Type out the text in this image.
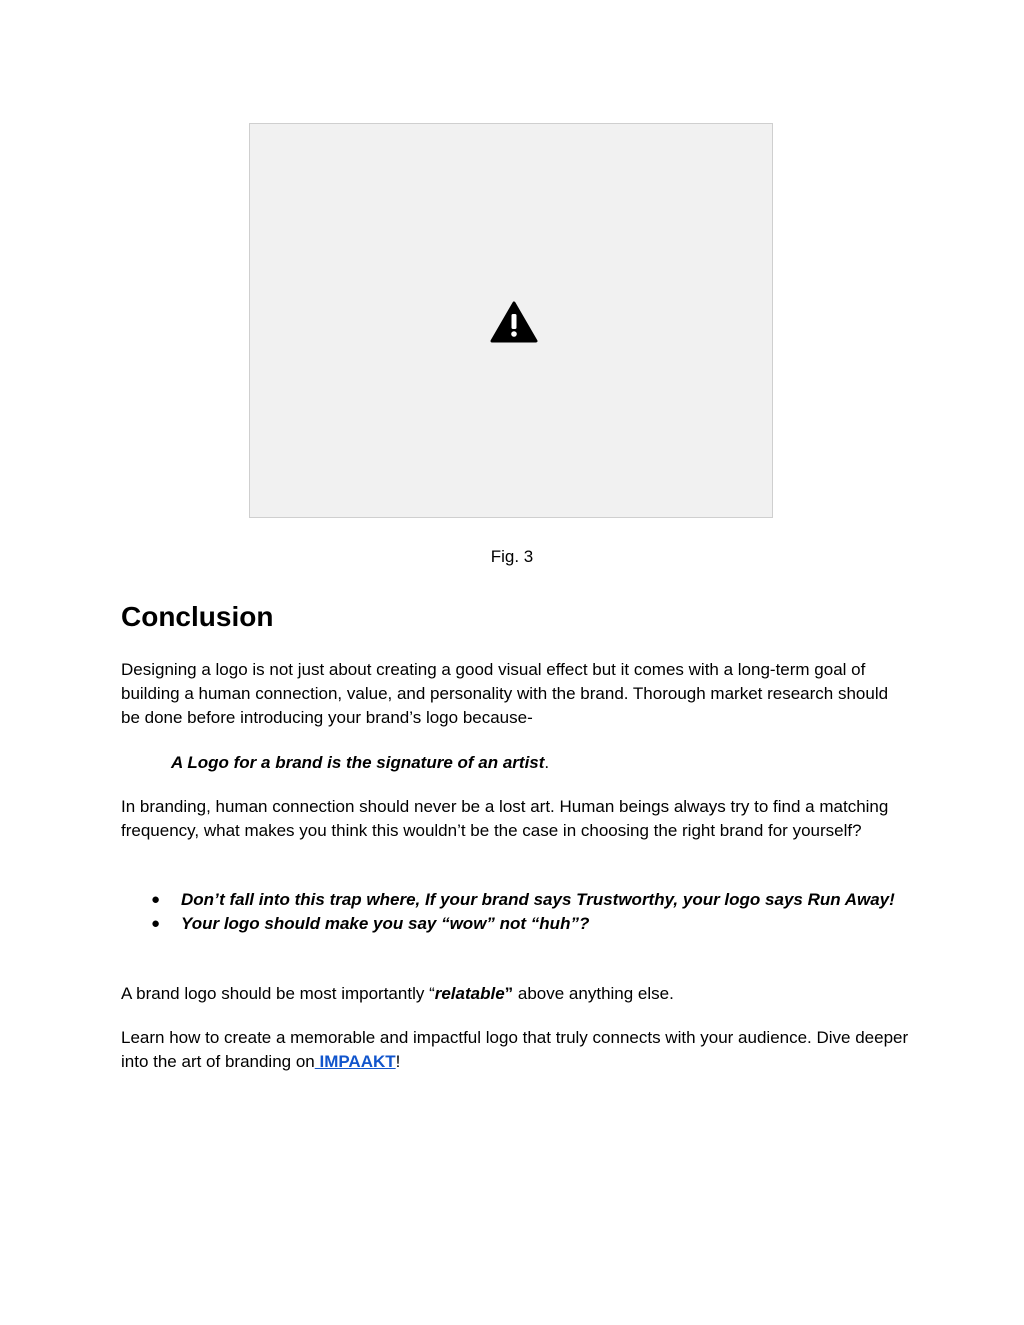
Fig. 3
Conclusion

Designing a logo is not just about creating a good visual effect but it comes with a long-term goal of building a human connection, value, and personality with the brand. Thorough market research should be done before introducing your brand’s logo because-

A Logo for a brand is the signature of an artist.

In branding, human connection should never be a lost art. Human beings always try to find a matching frequency, what makes you think this wouldn’t be the case in choosing the right brand for yourself?

● Don’t fall into this trap where, If your brand says Trustworthy, your logo says Run Away!
● Your logo should make you say “wow” not “huh”?

A brand logo should be most importantly “relatable” above anything else.

Learn how to create a memorable and impactful logo that truly connects with your audience. Dive deeper into the art of branding on IMPAAKT!
